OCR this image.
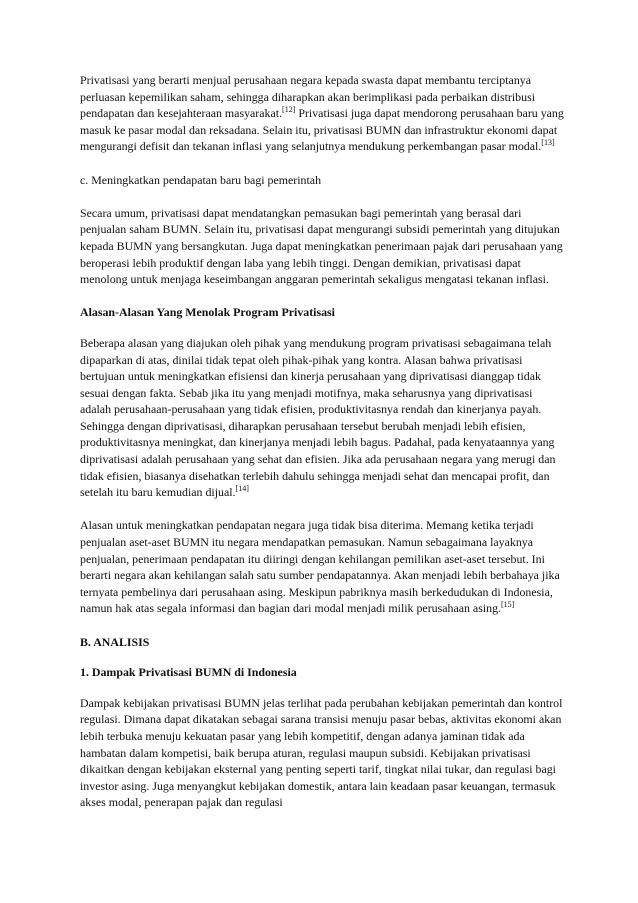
Privatisasi yang berarti menjual perusahaan negara kepada swasta dapat membantu terciptanya perluasan kepemilikan saham, sehingga diharapkan akan berimplikasi pada perbaikan distribusi pendapatan dan kesejahteraan masyarakat.[12] Privatisasi juga dapat mendorong perusahaan baru yang masuk ke pasar modal dan reksadana. Selain itu, privatisasi BUMN dan infrastruktur ekonomi dapat mengurangi defisit dan tekanan inflasi yang selanjutnya mendukung perkembangan pasar modal.[13]

c. Meningkatkan pendapatan baru bagi pemerintah

Secara umum, privatisasi dapat mendatangkan pemasukan bagi pemerintah yang berasal dari penjualan saham BUMN. Selain itu, privatisasi dapat mengurangi subsidi pemerintah yang ditujukan kepada BUMN yang bersangkutan. Juga dapat meningkatkan penerimaan pajak dari perusahaan yang beroperasi lebih produktif dengan laba yang lebih tinggi. Dengan demikian, privatisasi dapat menolong untuk menjaga keseimbangan anggaran pemerintah sekaligus mengatasi tekanan inflasi.

Alasan-Alasan Yang Menolak Program Privatisasi

Beberapa alasan yang diajukan oleh pihak yang mendukung program privatisasi sebagaimana telah dipaparkan di atas, dinilai tidak tepat oleh pihak-pihak yang kontra. Alasan bahwa privatisasi bertujuan untuk meningkatkan efisiensi dan kinerja perusahaan yang diprivatisasi dianggap tidak sesuai dengan fakta. Sebab jika itu yang menjadi motifnya, maka seharusnya yang diprivatisasi adalah perusahaan-perusahaan yang tidak efisien, produktivitasnya rendah dan kinerjanya payah. Sehingga dengan diprivatisasi, diharapkan perusahaan tersebut berubah menjadi lebih efisien, produktivitasnya meningkat, dan kinerjanya menjadi lebih bagus. Padahal, pada kenyataannya yang diprivatisasi adalah perusahaan yang sehat dan efisien. Jika ada perusahaan negara yang merugi dan tidak efisien, biasanya disehatkan terlebih dahulu sehingga menjadi sehat dan mencapai profit, dan setelah itu baru kemudian dijual.[14]

Alasan untuk meningkatkan pendapatan negara juga tidak bisa diterima. Memang ketika terjadi penjualan aset-aset BUMN itu negara mendapatkan pemasukan. Namun sebagaimana layaknya penjualan, penerimaan pendapatan itu diiringi dengan kehilangan pemilikan aset-aset tersebut. Ini berarti negara akan kehilangan salah satu sumber pendapatannya. Akan menjadi lebih berbahaya jika ternyata pembelinya dari perusahaan asing. Meskipun pabriknya masih berkedudukan di Indonesia, namun hak atas segala informasi dan bagian dari modal menjadi milik perusahaan asing.[15]

B. ANALISIS

1. Dampak Privatisasi BUMN di Indonesia

Dampak kebijakan privatisasi BUMN jelas terlihat pada perubahan kebijakan pemerintah dan kontrol regulasi. Dimana dapat dikatakan sebagai sarana transisi menuju pasar bebas, aktivitas ekonomi akan lebih terbuka menuju kekuatan pasar yang lebih kompetitif, dengan adanya jaminan tidak ada hambatan dalam kompetisi, baik berupa aturan, regulasi maupun subsidi. Kebijakan privatisasi dikaitkan dengan kebijakan eksternal yang penting seperti tarif, tingkat nilai tukar, dan regulasi bagi investor asing. Juga menyangkut kebijakan domestik, antara lain keadaan pasar keuangan, termasuk akses modal, penerapan pajak dan regulasi
